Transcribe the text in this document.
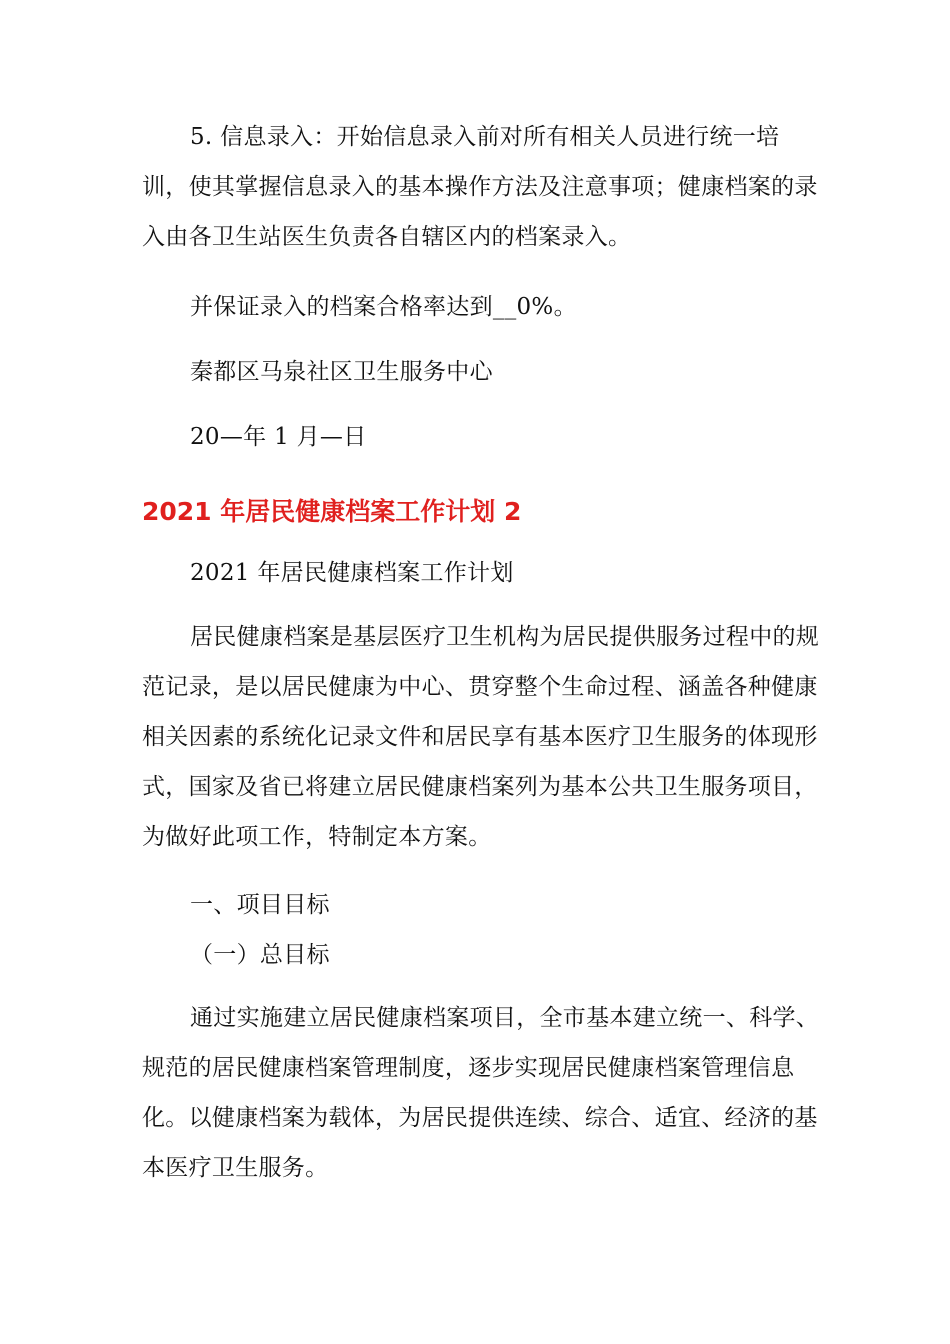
5. 信息录入：开始信息录入前对所有相关人员进行统一培训，使其掌握信息录入的基本操作方法及注意事项；健康档案的录入由各卫生站医生负责各自辖区内的档案录入。

并保证录入的档案合格率达到__0%。

秦都区马泉社区卫生服务中心

20—年 1 月—日

2021 年居民健康档案工作计划 2

2021 年居民健康档案工作计划

居民健康档案是基层医疗卫生机构为居民提供服务过程中的规范记录，是以居民健康为中心、贯穿整个生命过程、涵盖各种健康相关因素的系统化记录文件和居民享有基本医疗卫生服务的体现形式，国家及省已将建立居民健康档案列为基本公共卫生服务项目，为做好此项工作，特制定本方案。

一、项目目标

（一）总目标

通过实施建立居民健康档案项目，全市基本建立统一、科学、规范的居民健康档案管理制度，逐步实现居民健康档案管理信息化。以健康档案为载体，为居民提供连续、综合、适宜、经济的基本医疗卫生服务。
